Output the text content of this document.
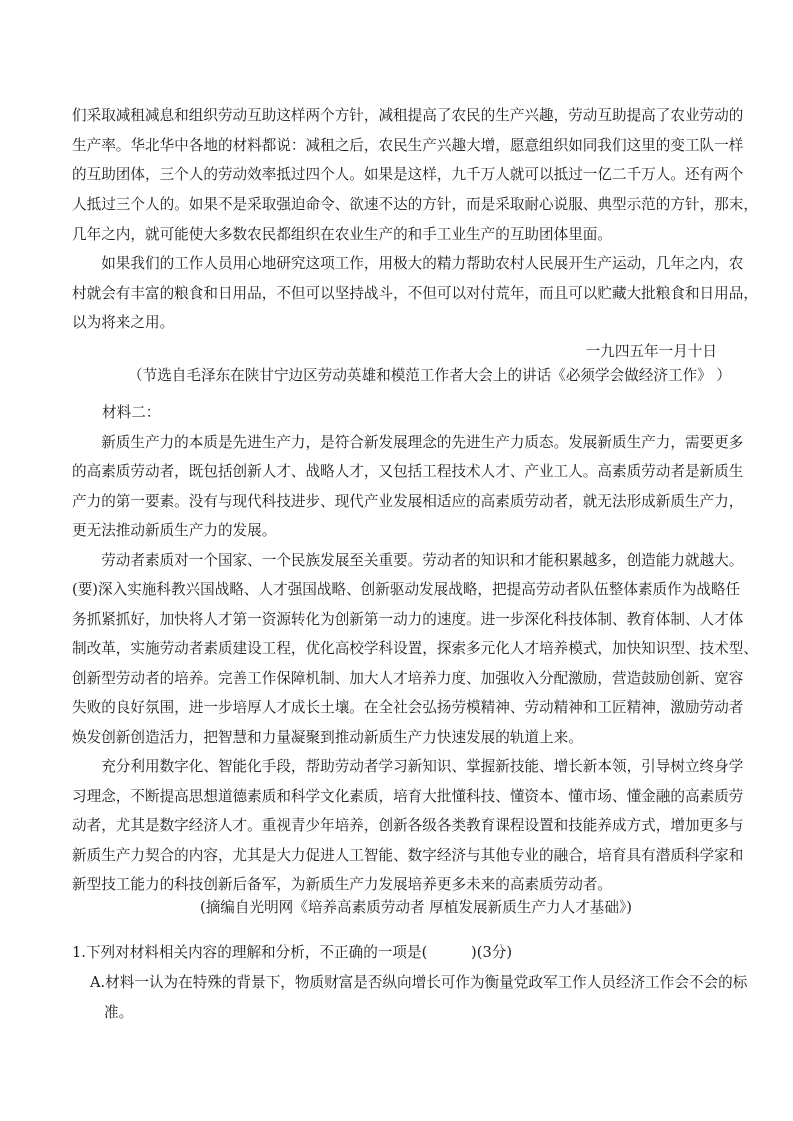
们采取减租减息和组织劳动互助这样两个方针，减租提高了农民的生产兴趣，劳动互助提高了农业劳动的
生产率。华北华中各地的材料都说：减租之后，农民生产兴趣大增，愿意组织如同我们这里的变工队一样
的互助团体，三个人的劳动效率抵过四个人。如果是这样，九千万人就可以抵过一亿二千万人。还有两个
人抵过三个人的。如果不是采取强迫命令、欲速不达的方针，而是采取耐心说服、典型示范的方针，那末，
几年之内，就可能使大多数农民都组织在农业生产的和手工业生产的互助团体里面。
　　如果我们的工作人员用心地研究这项工作，用极大的精力帮助农村人民展开生产运动，几年之内，农
村就会有丰富的粮食和日用品，不但可以坚持战斗，不但可以对付荒年，而且可以贮藏大批粮食和日用品，
以为将来之用。
一九四五年一月十日
（节选自毛泽东在陕甘宁边区劳动英雄和模范工作者大会上的讲话《必须学会做经济工作》 ）
材料二：
　　新质生产力的本质是先进生产力，是符合新发展理念的先进生产力质态。发展新质生产力，需要更多
的高素质劳动者，既包括创新人才、战略人才，又包括工程技术人才、产业工人。高素质劳动者是新质生
产力的第一要素。没有与现代科技进步、现代产业发展相适应的高素质劳动者，就无法形成新质生产力，
更无法推动新质生产力的发展。
　　劳动者素质对一个国家、一个民族发展至关重要。劳动者的知识和才能积累越多，创造能力就越大。
(要)深入实施科教兴国战略、人才强国战略、创新驱动发展战略，把提高劳动者队伍整体素质作为战略任
务抓紧抓好，加快将人才第一资源转化为创新第一动力的速度。进一步深化科技体制、教育体制、人才体
制改革，实施劳动者素质建设工程，优化高校学科设置，探索多元化人才培养模式，加快知识型、技术型、
创新型劳动者的培养。完善工作保障机制、加大人才培养力度、加强收入分配激励，营造鼓励创新、宽容
失败的良好氛围，进一步培厚人才成长土壤。在全社会弘扬劳模精神、劳动精神和工匠精神，激励劳动者
焕发创新创造活力，把智慧和力量凝聚到推动新质生产力快速发展的轨道上来。
　　充分利用数字化、智能化手段，帮助劳动者学习新知识、掌握新技能、增长新本领，引导树立终身学
习理念，不断提高思想道德素质和科学文化素质，培育大批懂科技、懂资本、懂市场、懂金融的高素质劳
动者，尤其是数字经济人才。重视青少年培养，创新各级各类教育课程设置和技能养成方式，增加更多与
新质生产力契合的内容，尤其是大力促进人工智能、数字经济与其他专业的融合，培育具有潜质科学家和
新型技工能力的科技创新后备军，为新质生产力发展培养更多未来的高素质劳动者。
(摘编自光明网《培养高素质劳动者 厚植发展新质生产力人才基础》)
1.下列对材料相关内容的理解和分析，不正确的一项是(　　　)(3分)
A.材料一认为在特殊的背景下，物质财富是否纵向增长可作为衡量党政军工作人员经济工作会不会的标
准。
